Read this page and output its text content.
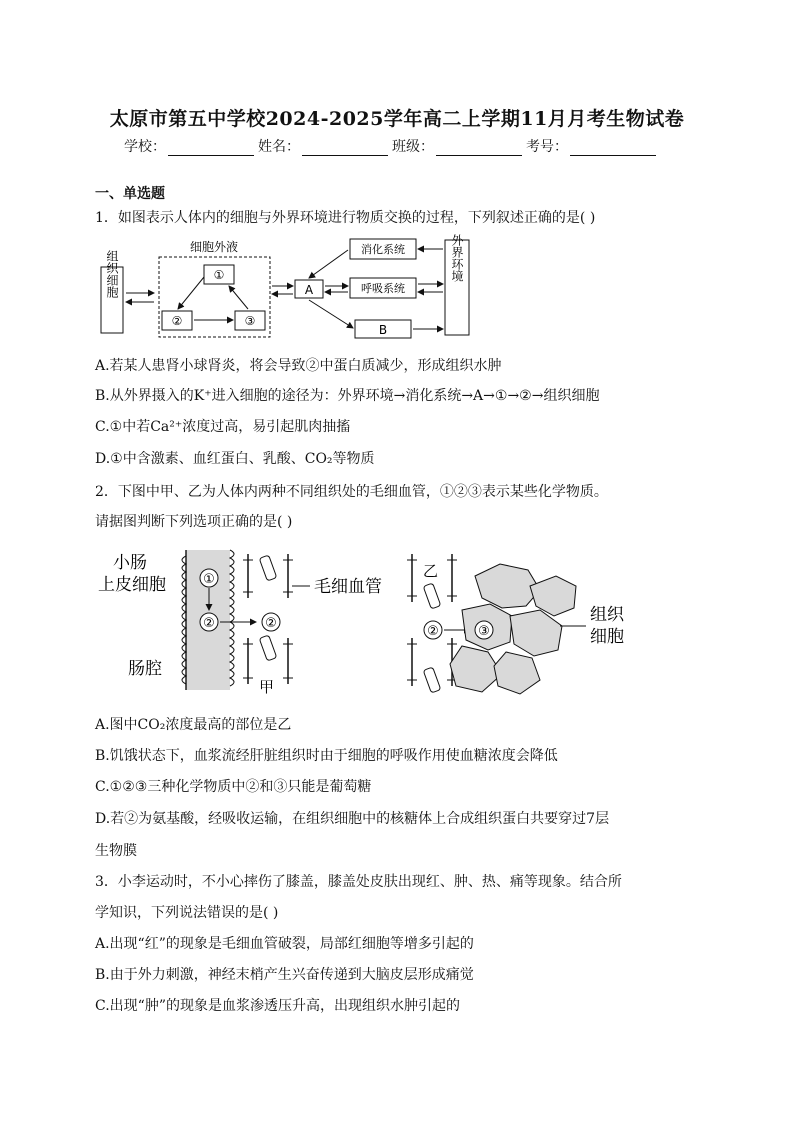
太原市第五中学校2024-2025学年高二上学期11月月考生物试卷
学校：	姓名：	班级：	考号：
一、单选题
1．如图表示人体内的细胞与外界环境进行物质交换的过程，下列叙述正确的是( )
组织细胞
细胞外液
①
②	③
A
消化系统
呼吸系统
B
外界环境
A.若某人患肾小球肾炎，将会导致②中蛋白质减少，形成组织水肿
B.从外界摄入的K⁺进入细胞的途径为：外界环境→消化系统→A→①→②→组织细胞
C.①中若Ca²⁺浓度过高，易引起肌肉抽搐
D.①中含激素、血红蛋白、乳酸、CO₂等物质
2．下图中甲、乙为人体内两种不同组织处的毛细血管，①②③表示某些化学物质。
请据图判断下列选项正确的是( )
小肠
上皮细胞
肠腔
①
②	②
甲
毛细血管
乙
②	③
组织
细胞
A.图中CO₂浓度最高的部位是乙
B.饥饿状态下，血浆流经肝脏组织时由于细胞的呼吸作用使血糖浓度会降低
C.①②③三种化学物质中②和③只能是葡萄糖
D.若②为氨基酸，经吸收运输，在组织细胞中的核糖体上合成组织蛋白共要穿过7层
生物膜
3．小李运动时，不小心摔伤了膝盖，膝盖处皮肤出现红、肿、热、痛等现象。结合所
学知识，下列说法错误的是( )
A.出现“红”的现象是毛细血管破裂，局部红细胞等增多引起的
B.由于外力刺激，神经末梢产生兴奋传递到大脑皮层形成痛觉
C.出现“肿”的现象是血浆渗透压升高，出现组织水肿引起的
